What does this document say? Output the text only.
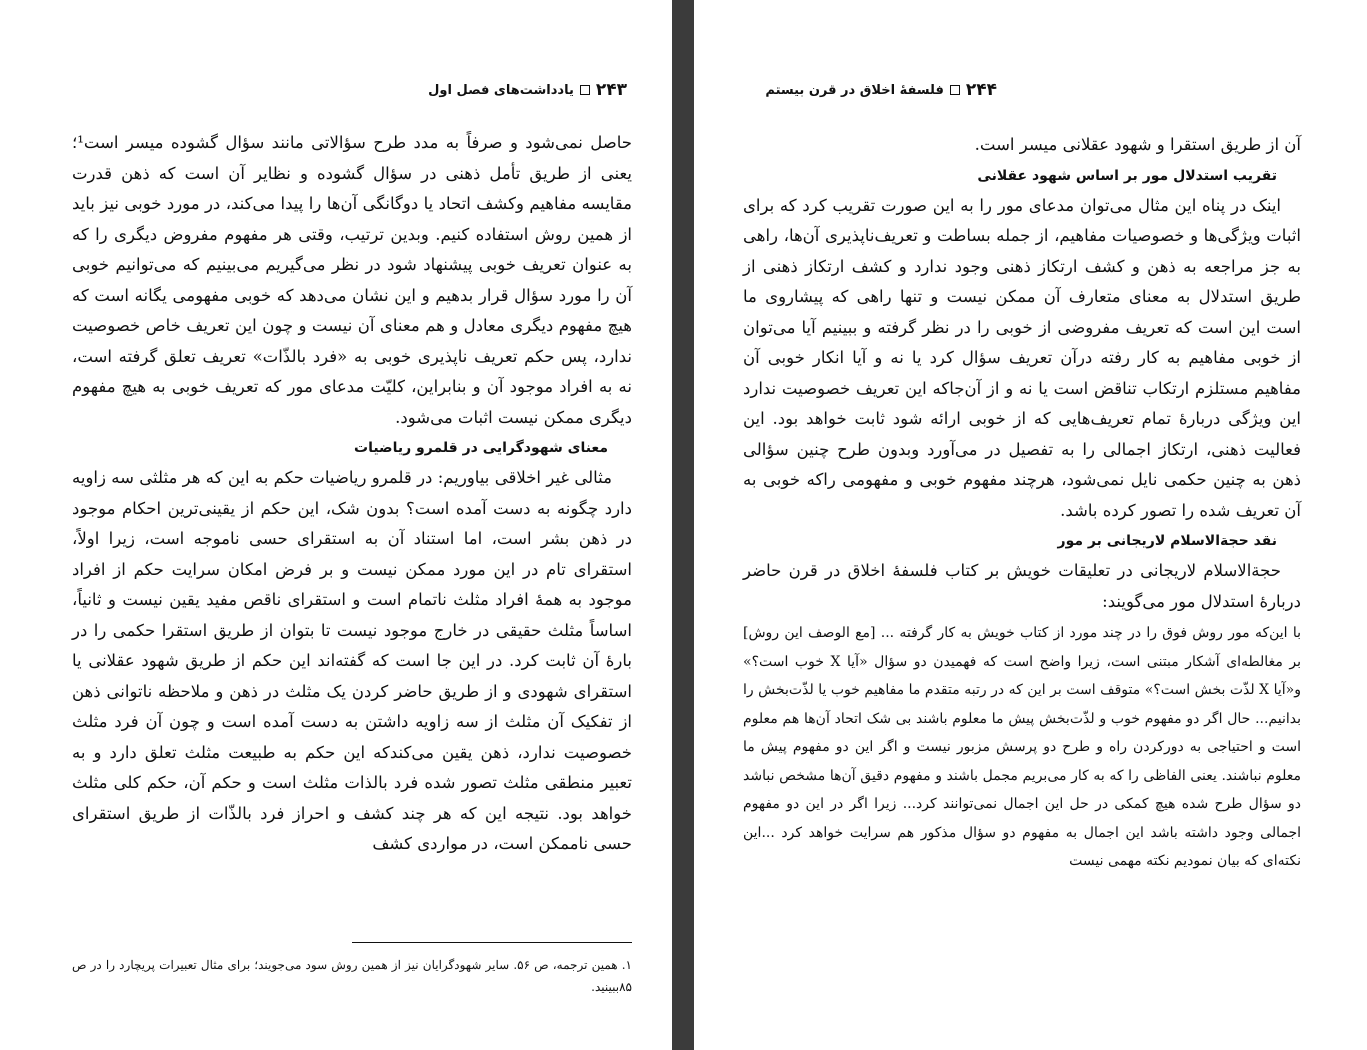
۲۴۳
یادداشت‌های فصل اول

حاصل نمی‌شود و صرفاً به مدد طرح سؤالاتی مانند سؤال گشوده میسر است¹؛ یعنی از طریق تأمل ذهنی در سؤال گشوده و نظایر آن است که ذهن قدرت مقایسه مفاهیم وکشف اتحاد یا دوگانگی آن‌ها را پیدا می‌کند، در مورد خوبی نیز باید از همین روش استفاده کنیم. وبدین ترتیب، وقتی هر مفهوم مفروض دیگری را که به عنوان تعریف خوبی پیشنهاد شود در نظر می‌گیریم می‌بینیم که می‌توانیم خوبی آن را مورد سؤال قرار بدهیم و این نشان می‌دهد که خوبی مفهومی یگانه است که هیچ مفهوم دیگری معادل و هم معنای آن نیست و چون این تعریف خاص خصوصیت ندارد، پس حکم تعریف ناپذیری خوبی به «فرد بالذّات» تعریف تعلق گرفته است، نه به افراد موجود آن و بنابراین، کلیّت مدعای مور که تعریف خوبی به هیچ مفهوم دیگری ممکن نیست اثبات می‌شود.

معنای شهودگرایی در قلمرو ریاضیات

مثالی غیر اخلاقی بیاوریم: در قلمرو ریاضیات حکم به این که هر مثلثی سه زاویه دارد چگونه به دست آمده است؟ بدون شک، این حکم از یقینی‌ترین احکام موجود در ذهن بشر است، اما استناد آن به استقرای حسی ناموجه است، زیرا اولاً، استقرای تام در این مورد ممکن نیست و بر فرض امکان سرایت حکم از افراد موجود به همهٔ افراد مثلث ناتمام است و استقرای ناقص مفید یقین نیست و ثانیاً، اساساً مثلث حقیقی در خارج موجود نیست تا بتوان از طریق استقرا حکمی را در بارهٔ آن ثابت کرد. در این جا است که گفته‌اند این حکم از طریق شهود عقلانی یا استقرای شهودی و از طریق حاضر کردن یک مثلث در ذهن و ملاحظه ناتوانی ذهن از تفکیک آن مثلث از سه زاویه داشتن به دست آمده است و چون آن فرد مثلث خصوصیت ندارد، ذهن یقین می‌کندکه این حکم به طبیعت مثلث تعلق دارد و به تعبیر منطقی مثلث تصور شده فرد بالذات مثلث است و حکم آن، حکم کلی مثلث خواهد بود. نتیجه این که هر چند کشف و احراز فرد بالذّات از طریق استقرای حسی ناممکن است، در مواردی کشف

۱. همین ترجمه، ص ۵۶. سایر شهودگرایان نیز از همین روش سود می‌جویند؛ برای مثال تعبیرات پریچارد را در ص ۸۵ببینید.
۲۴۴
فلسفهٔ اخلاق در قرن بیستم

آن از طریق استقرا و شهود عقلانی میسر است.

تقریب استدلال مور بر اساس شهود عقلانی

اینک در پناه این مثال می‌توان مدعای مور را به این صورت تقریب کرد که برای اثبات ویژگی‌ها و خصوصیات مفاهیم، از جمله بساطت و تعریف‌ناپذیری آن‌ها، راهی به جز مراجعه به ذهن و کشف ارتکاز ذهنی وجود ندارد و کشف ارتکاز ذهنی از طریق استدلال به معنای متعارف آن ممکن نیست و تنها راهی که پیشاروی ما است این است که تعریف مفروضی از خوبی را در نظر گرفته و ببینیم آیا می‌توان از خوبی مفاهیم به کار رفته درآن تعریف سؤال کرد یا نه و آیا انکار خوبی آن مفاهیم مستلزم ارتکاب تناقض است یا نه و از آن‌جاکه این تعریف خصوصیت ندارد این ویژگی دربارهٔ تمام تعریف‌هایی که از خوبی ارائه شود ثابت خواهد بود. این فعالیت ذهنی، ارتکاز اجمالی را به تفصیل در می‌آورد وبدون طرح چنین سؤالی ذهن به چنین حکمی نایل نمی‌شود، هرچند مفهوم خوبی و مفهومی راکه خوبی به آن تعریف شده را تصور کرده باشد.

نقد حجةالاسلام لاریجانی بر مور

حجةالاسلام لاریجانی در تعلیقات خویش بر کتاب فلسفهٔ اخلاق در قرن حاضر دربارهٔ استدلال مور می‌گویند:

با این‌که مور روش فوق را در چند مورد از کتاب خویش به کار گرفته ... [مع الوصف این روش] بر مغالطه‌ای آشکار مبتنی است، زیرا واضح است که فهمیدن دو سؤال «آیا X خوب است؟» و«آیا X لذّت بخش است؟» متوقف است بر این که در رتبه متقدم ما مفاهیم خوب یا لذّت‌بخش را بدانیم... حال اگر دو مفهوم خوب و لذّت‌بخش پیش ما معلوم باشند بی شک اتحاد آن‌ها هم معلوم است و احتیاجی به دورکردن راه و طرح دو پرسش مزبور نیست و اگر این دو مفهوم پیش ما معلوم نباشند. یعنی الفاظی را که به کار می‌بریم مجمل باشند و مفهوم دقیق آن‌ها مشخص نباشد دو سؤال طرح شده هیچ کمکی در حل این اجمال نمی‌توانند کرد... زیرا اگر در این دو مفهوم اجمالی وجود داشته باشد این اجمال به مفهوم دو سؤال مذکور هم سرایت خواهد کرد ...این نکته‌ای که بیان نمودیم نکته مهمی نیست
